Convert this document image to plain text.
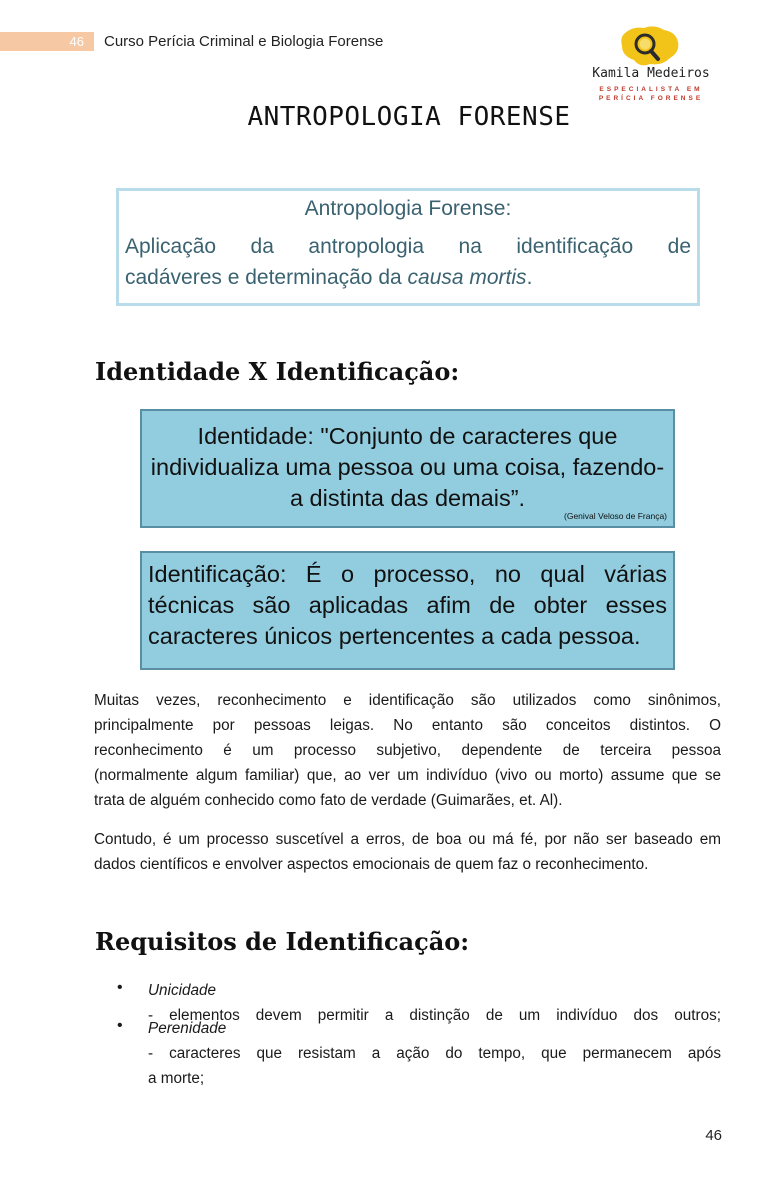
46	Curso Perícia Criminal e Biologia Forense
Kamila Medeiros
ESPECIALISTA EM
PERÍCIA FORENSE
ANTROPOLOGIA FORENSE
Antropologia Forense:
Aplicação da antropologia na identificação de
cadáveres e determinação da causa mortis.
Identidade X Identificação:
Identidade: "Conjunto de caracteres que
individualiza uma pessoa ou uma coisa, fazendo-
a distinta das demais”.
(Genival Veloso de França)
Identificação: É o processo, no qual várias
técnicas são aplicadas afim de obter esses
caracteres únicos pertencentes a cada pessoa.
Muitas vezes, reconhecimento e identificação são utilizados como sinônimos,
principalmente por pessoas leigas. No entanto são conceitos distintos. O
reconhecimento é um processo subjetivo, dependente de terceira pessoa
(normalmente algum familiar) que, ao ver um indivíduo (vivo ou morto) assume que se
trata de alguém conhecido como fato de verdade (Guimarães, et. Al).
Contudo, é um processo suscetível a erros, de boa ou má fé, por não ser baseado em
dados científicos e envolver aspectos emocionais de quem faz o reconhecimento.
Requisitos de Identificação:
• Unicidade
- elementos devem permitir a distinção de um indivíduo dos outros;
• Perenidade
- caracteres que resistam a ação do tempo, que permanecem após
a morte;
46
